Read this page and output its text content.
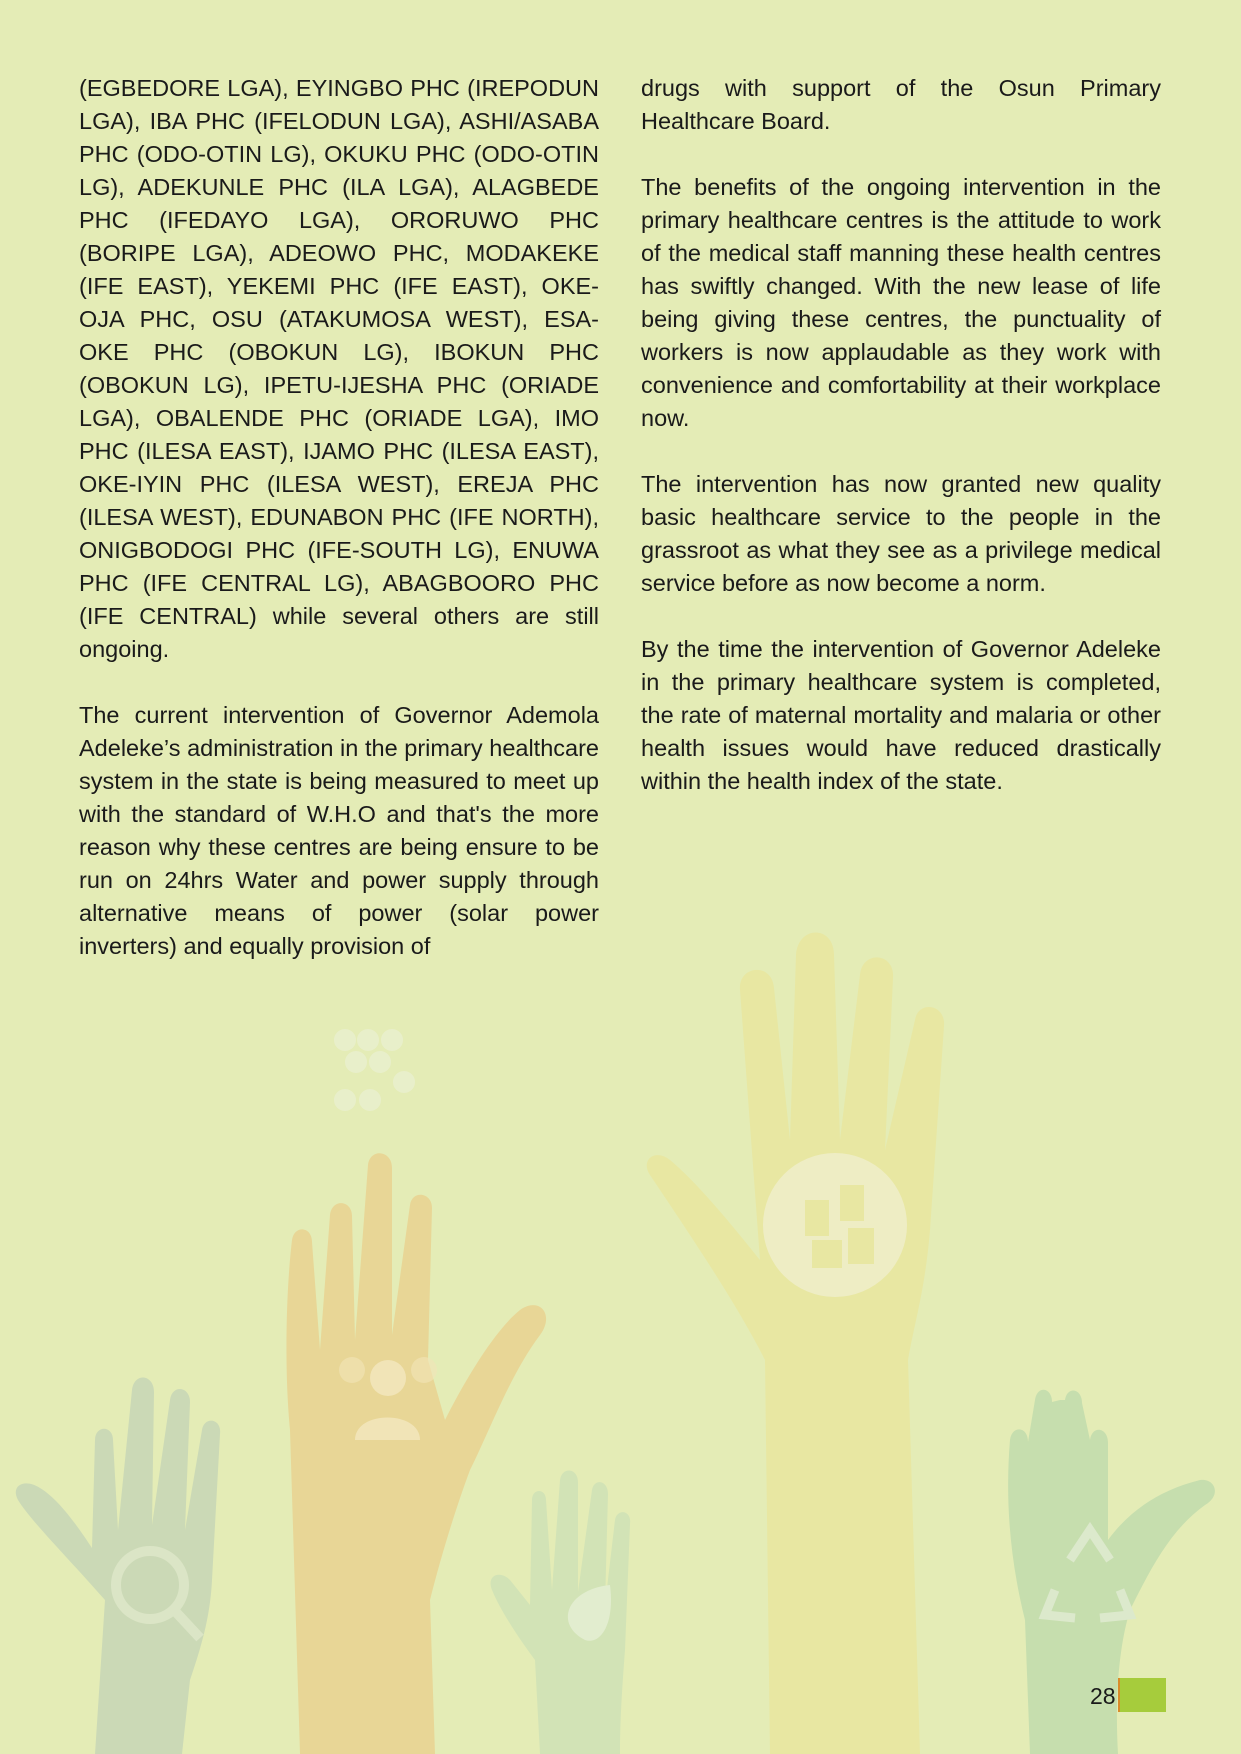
(EGBEDORE LGA), EYINGBO PHC (IREPODUN LGA), IBA PHC (IFELODUN LGA), ASHI/ASABA PHC (ODO-OTIN LG), OKUKU PHC (ODO-OTIN LG), ADEKUNLE PHC (ILA LGA), ALAGBEDE PHC (IFEDAYO LGA), ORORUWO PHC (BORIPE LGA), ADEOWO PHC, MODAKEKE (IFE EAST), YEKEMI PHC (IFE EAST), OKE-OJA PHC, OSU (ATAKUMOSA WEST), ESA-OKE PHC (OBOKUN LG), IBOKUN PHC (OBOKUN LG), IPETU-IJESHA PHC (ORIADE LGA), OBALENDE PHC (ORIADE LGA), IMO PHC (ILESA EAST), IJAMO PHC (ILESA EAST), OKE-IYIN PHC (ILESA WEST), EREJA PHC (ILESA WEST), EDUNABON PHC (IFE NORTH), ONIGBODOGI PHC (IFE-SOUTH LG), ENUWA PHC (IFE CENTRAL LG), ABAGBOORO PHC (IFE CENTRAL) while several others are still ongoing.

The current intervention of Governor Ademola Adeleke’s administration in the primary healthcare system in the state is being measured to meet up with the standard of W.H.O and that's the more reason why these centres are being ensure to be run on 24hrs Water and power supply through alternative means of power (solar power inverters) and equally provision of

drugs with support of the Osun Primary Healthcare Board.

The benefits of the ongoing intervention in the primary healthcare centres is the attitude to work of the medical staff manning these health centres has swiftly changed. With the new lease of life being giving these centres, the punctuality of workers is now applaudable as they work with convenience and comfortability at their workplace now.

The intervention has now granted new quality basic healthcare service to the people in the grassroot as what they see as a privilege medical service before as now become a norm.

By the time the intervention of Governor Adeleke in the primary healthcare system is completed, the rate of maternal mortality and malaria or other health issues would have reduced drastically within the health index of the state.

28
